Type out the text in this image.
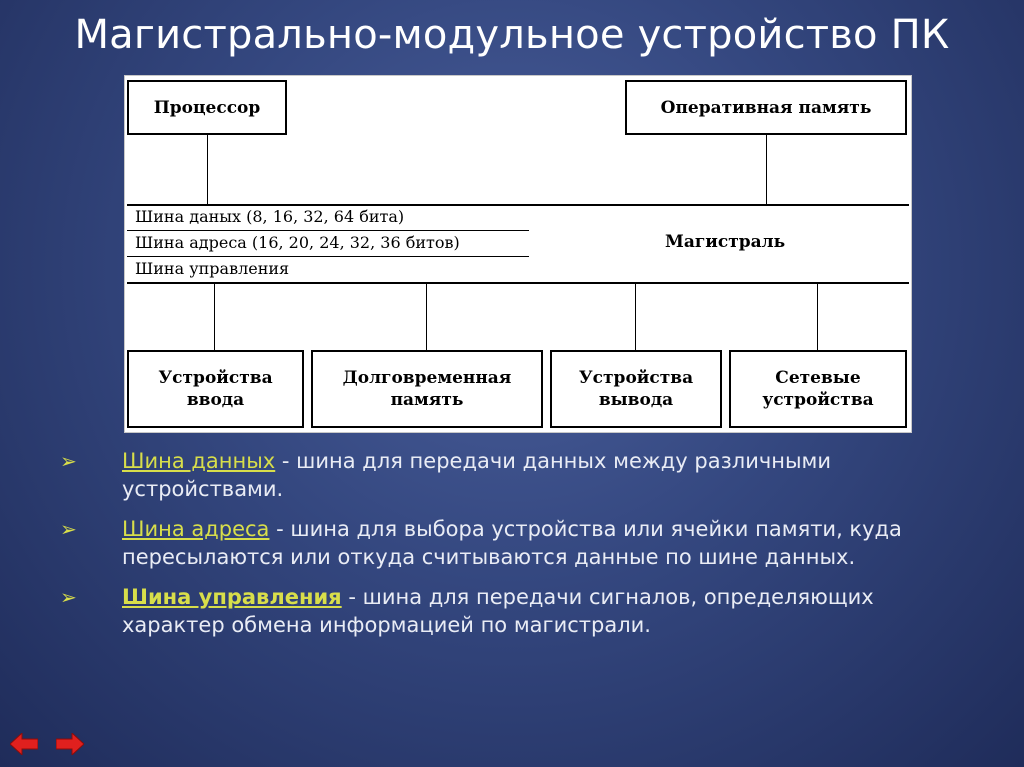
Магистрально-модульное устройство ПК
Процессор	Оперативная память
Шина даных (8, 16, 32, 64 бита)
Шина адреса (16, 20, 24, 32, 36 битов)
Шина управления
Магистраль
Устройства
ввода
Долговременная
память
Устройства
вывода
Сетевые
устройства
➢ Шина данных - шина для передачи данных между различными устройствами.
➢ Шина адреса - шина для выбора устройства или ячейки памяти, куда пересылаются или откуда считываются данные по шине данных.
➢ Шина управления - шина для передачи сигналов, определяющих характер обмена информацией по магистрали.
